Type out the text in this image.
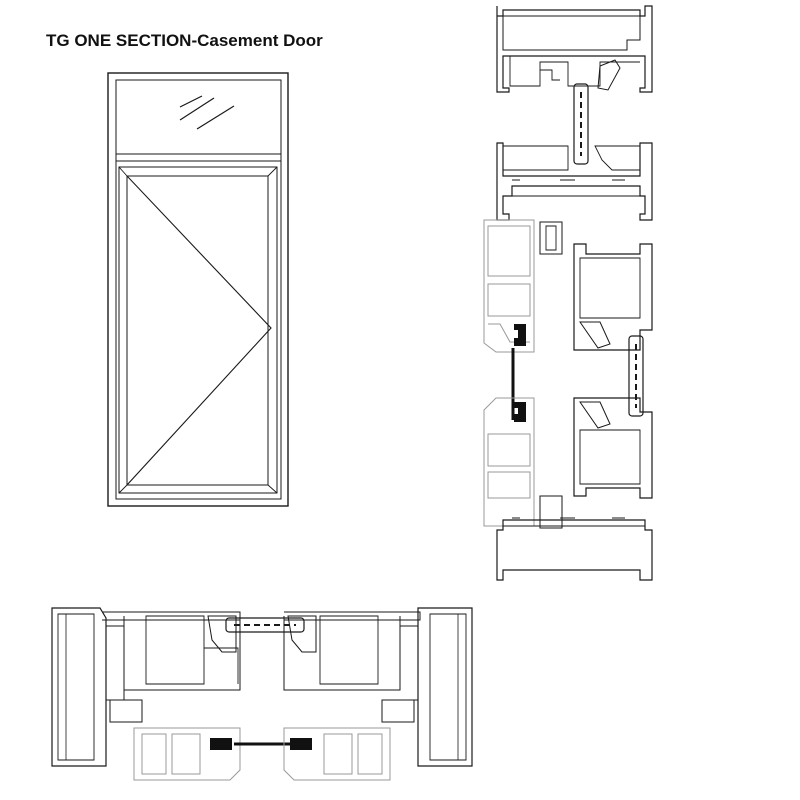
TG ONE SECTION-Casement Door
